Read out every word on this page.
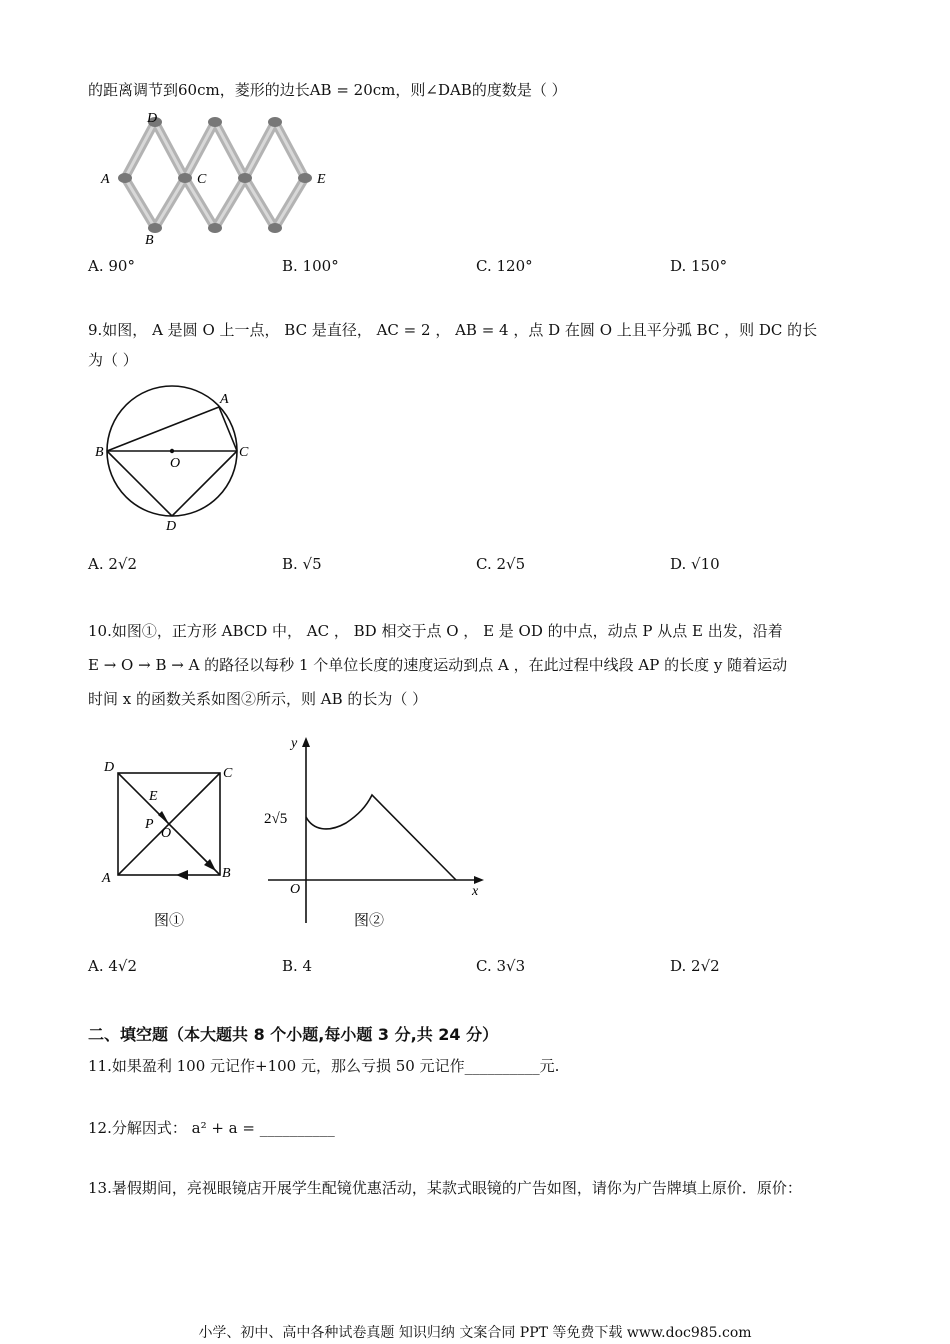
的距离调节到60cm，菱形的边长AB = 20cm，则∠DAB的度数是（ ）
D
A	C	E
B
A. 90°	B. 100°	C. 120°	D. 150°
9.如图， A 是圆 O 上一点， BC 是直径， AC = 2 ， AB = 4 ，点 D 在圆 O 上且平分弧 BC ，则 DC 的长
为（ ）
A
B	C
O
D
A. 2√2	B. √5	C. 2√5	D. √10
10.如图①，正方形 ABCD 中， AC ， BD 相交于点 O ， E 是 OD 的中点，动点 P 从点 E 出发，沿着
E → O → B → A 的路径以每秒 1 个单位长度的速度运动到点 A ，在此过程中线段 AP 的长度 y 随着运动
时间 x 的函数关系如图②所示，则 AB 的长为（ ）
D	C
E
P
O
A	B
图①
y
x
O
2√5
图②
A. 4√2	B. 4	C. 3√3	D. 2√2
二、填空题（本大题共 8 个小题,每小题 3 分,共 24 分）
11.如果盈利 100 元记作+100 元，那么亏损 50 元记作__________元.
12.分解因式： a² + a = __________
13.暑假期间，亮视眼镜店开展学生配镜优惠活动，某款式眼镜的广告如图，请你为广告牌填上原价．原价：
小学、初中、高中各种试卷真题 知识归纳 文案合同 PPT 等免费下载 www.doc985.com
